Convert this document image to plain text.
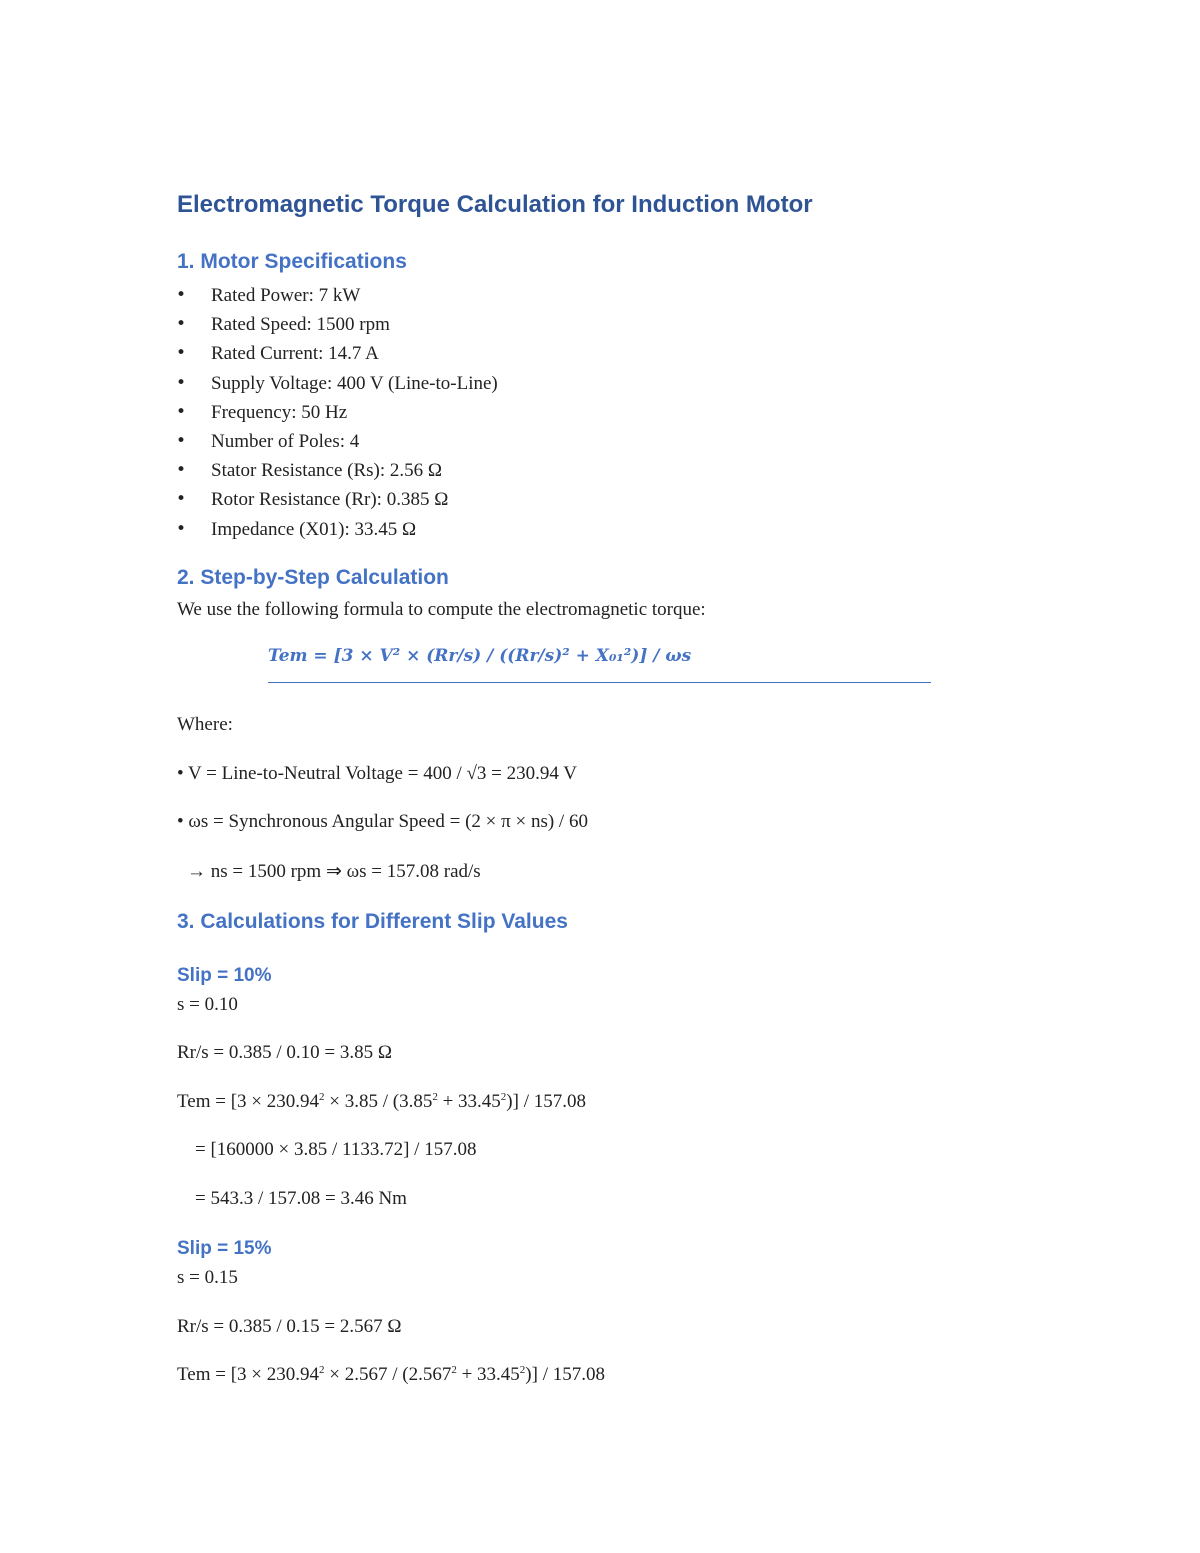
Electromagnetic Torque Calculation for Induction Motor
1. Motor Specifications
• Rated Power: 7 kW
• Rated Speed: 1500 rpm
• Rated Current: 14.7 A
• Supply Voltage: 400 V (Line-to-Line)
• Frequency: 50 Hz
• Number of Poles: 4
• Stator Resistance (Rs): 2.56 Ω
• Rotor Resistance (Rr): 0.385 Ω
• Impedance (X01): 33.45 Ω
2. Step-by-Step Calculation

We use the following formula to compute the electromagnetic torque:

Tem = [3 × V² × (Rr/s) / ((Rr/s)² + X₀₁²)] / ωs

Where:

• V = Line-to-Neutral Voltage = 400 / √3 = 230.94 V

• ωs = Synchronous Angular Speed = (2 × π × ns) / 60

→ ns = 1500 rpm ⇒ ωs = 157.08 rad/s

3. Calculations for Different Slip Values

Slip = 10%

s = 0.10

Rr/s = 0.385 / 0.10 = 3.85 Ω

Tem = $[3 \times 230.94^2 \times 3.85 / (3.85^2 + 33.45^2)] / 157.08$

= [160000 × 3.85 / 1133.72] / 157.08

= 543.3 / 157.08 = 3.46 Nm

Slip = 15%

s = 0.15

Rr/s = 0.385 / 0.15 = 2.567 Ω

Tem = $[3 \times 230.94^2 \times 2.567 / (2.567^2 + 33.45^2)] / 157.08$
